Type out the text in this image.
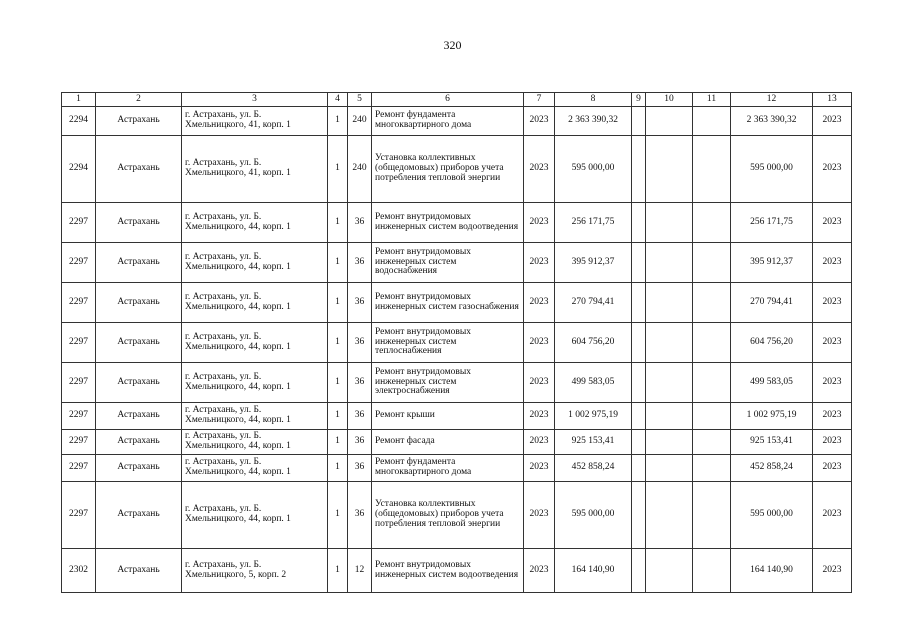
320
1	2	3	4	5	6	7	8	9	10	11	12	13
2294	Астрахань	г. Астрахань, ул. Б. Хмельницкого, 41, корп. 1	1	240	Ремонт фундамента многоквартирного дома	2023	2 363 390,32				2 363 390,32	2023
2294	Астрахань	г. Астрахань, ул. Б. Хмельницкого, 41, корп. 1	1	240	Установка коллективных (общедомовых) приборов учета потребления тепловой энергии	2023	595 000,00				595 000,00	2023
2297	Астрахань	г. Астрахань, ул. Б. Хмельницкого, 44, корп. 1	1	36	Ремонт внутридомовых инженерных систем водоотведения	2023	256 171,75				256 171,75	2023
2297	Астрахань	г. Астрахань, ул. Б. Хмельницкого, 44, корп. 1	1	36	Ремонт внутридомовых инженерных систем водоснабжения	2023	395 912,37				395 912,37	2023
2297	Астрахань	г. Астрахань, ул. Б. Хмельницкого, 44, корп. 1	1	36	Ремонт внутридомовых инженерных систем газоснабжения	2023	270 794,41				270 794,41	2023
2297	Астрахань	г. Астрахань, ул. Б. Хмельницкого, 44, корп. 1	1	36	Ремонт внутридомовых инженерных систем теплоснабжения	2023	604 756,20				604 756,20	2023
2297	Астрахань	г. Астрахань, ул. Б. Хмельницкого, 44, корп. 1	1	36	Ремонт внутридомовых инженерных систем электроснабжения	2023	499 583,05				499 583,05	2023
2297	Астрахань	г. Астрахань, ул. Б. Хмельницкого, 44, корп. 1	1	36	Ремонт крыши	2023	1 002 975,19				1 002 975,19	2023
2297	Астрахань	г. Астрахань, ул. Б. Хмельницкого, 44, корп. 1	1	36	Ремонт фасада	2023	925 153,41				925 153,41	2023
2297	Астрахань	г. Астрахань, ул. Б. Хмельницкого, 44, корп. 1	1	36	Ремонт фундамента многоквартирного дома	2023	452 858,24				452 858,24	2023
2297	Астрахань	г. Астрахань, ул. Б. Хмельницкого, 44, корп. 1	1	36	Установка коллективных (общедомовых) приборов учета потребления тепловой энергии	2023	595 000,00				595 000,00	2023
2302	Астрахань	г. Астрахань, ул. Б. Хмельницкого, 5, корп. 2	1	12	Ремонт внутридомовых инженерных систем водоотведения	2023	164 140,90				164 140,90	2023
